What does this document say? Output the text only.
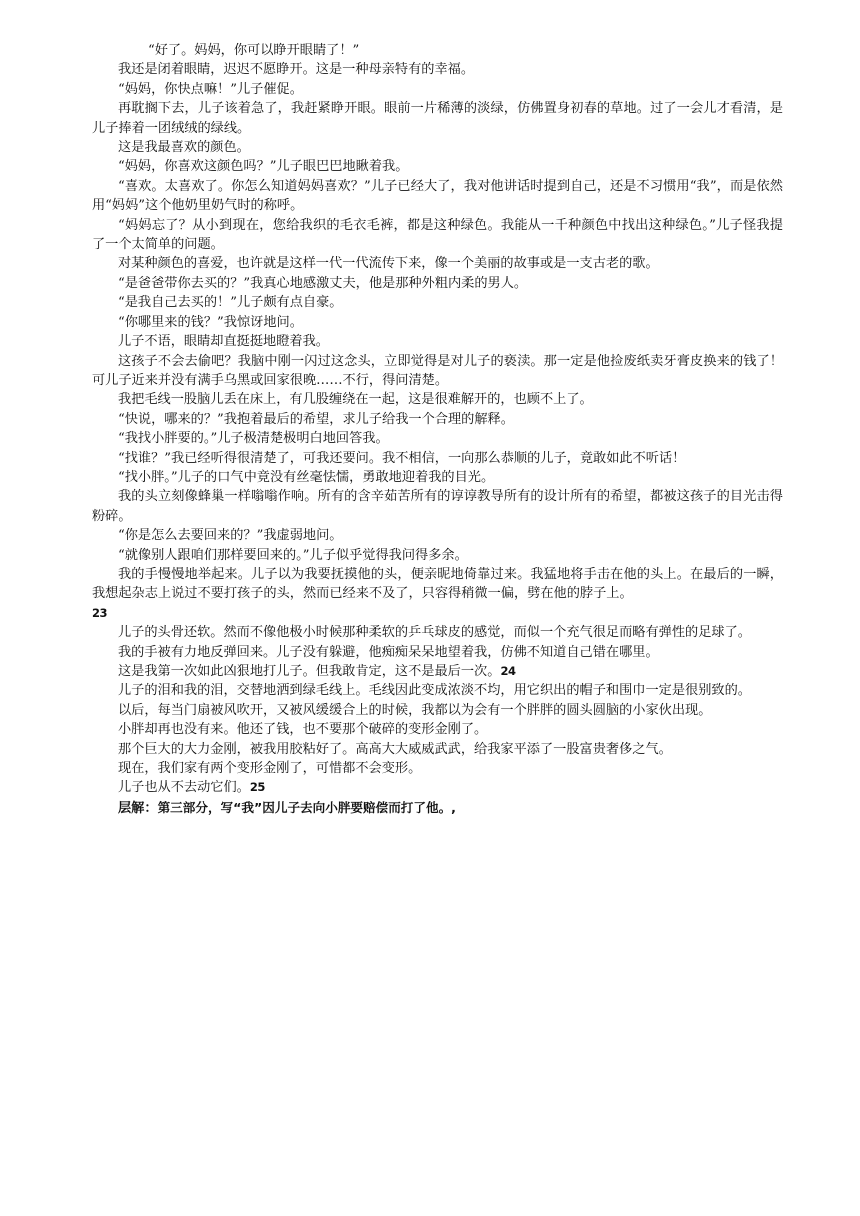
“好了。妈妈，你可以睁开眼睛了！”

我还是闭着眼睛，迟迟不愿睁开。这是一种母亲特有的幸福。

“妈妈，你快点嘛！”儿子催促。

再耽搁下去，儿子该着急了，我赶紧睁开眼。眼前一片稀薄的淡绿，仿佛置身初春的草地。过了一会儿才看清，是儿子捧着一团绒绒的绿线。

这是我最喜欢的颜色。

“妈妈，你喜欢这颜色吗？”儿子眼巴巴地瞅着我。

“喜欢。太喜欢了。你怎么知道妈妈喜欢？”儿子已经大了，我对他讲话时提到自己，还是不习惯用“我”，而是依然用“妈妈”这个他奶里奶气时的称呼。

“妈妈忘了？从小到现在，您给我织的毛衣毛裤，都是这种绿色。我能从一千种颜色中找出这种绿色。”儿子怪我提了一个太简单的问题。

对某种颜色的喜爱，也许就是这样一代一代流传下来，像一个美丽的故事或是一支古老的歌。

“是爸爸带你去买的？”我真心地感激丈夫，他是那种外粗内柔的男人。

“是我自己去买的！”儿子颇有点自豪。

“你哪里来的钱？”我惊讶地问。

儿子不语，眼睛却直挺挺地瞪着我。

这孩子不会去偷吧？我脑中刚一闪过这念头，立即觉得是对儿子的亵渎。那一定是他捡废纸卖牙膏皮换来的钱了！可儿子近来并没有满手乌黑或回家很晚……不行，得问清楚。

我把毛线一股脑儿丢在床上，有几股缠绕在一起，这是很难解开的，也顾不上了。

“快说，哪来的？”我抱着最后的希望，求儿子给我一个合理的解释。

“我找小胖要的。”儿子极清楚极明白地回答我。

“找谁？”我已经听得很清楚了，可我还要问。我不相信，一向那么恭顺的儿子，竟敢如此不听话！

“找小胖。”儿子的口气中竟没有丝毫怯懦，勇敢地迎着我的目光。

我的头立刻像蜂巢一样嗡嗡作响。所有的含辛茹苦所有的谆谆教导所有的设计所有的希望，都被这孩子的目光击得粉碎。

“你是怎么去要回来的？”我虚弱地问。

“就像别人跟咱们那样要回来的。”儿子似乎觉得我问得多余。

我的手慢慢地举起来。儿子以为我要抚摸他的头，便亲昵地倚靠过来。我猛地将手击在他的头上。在最后的一瞬，我想起杂志上说过不要打孩子的头，然而已经来不及了，只容得稍微一偏，劈在他的脖子上。

23

儿子的头骨还软。然而不像他极小时候那种柔软的乒乓球皮的感觉，而似一个充气很足而略有弹性的足球了。

我的手被有力地反弹回来。儿子没有躲避，他痴痴呆呆地望着我，仿佛不知道自己错在哪里。

这是我第一次如此凶狠地打儿子。但我敢肯定，这不是最后一次。24

儿子的泪和我的泪，交替地洒到绿毛线上。毛线因此变成浓淡不均，用它织出的帽子和围巾一定是很别致的。

以后，每当门扇被风吹开，又被风缓缓合上的时候，我都以为会有一个胖胖的圆头圆脑的小家伙出现。

小胖却再也没有来。他还了钱，也不要那个破碎的变形金刚了。

那个巨大的大力金刚，被我用胶粘好了。高高大大威威武武，给我家平添了一股富贵奢侈之气。

现在，我们家有两个变形金刚了，可惜都不会变形。

儿子也从不去动它们。25

层解：第三部分，写“我”因儿子去向小胖要赔偿而打了他。,
